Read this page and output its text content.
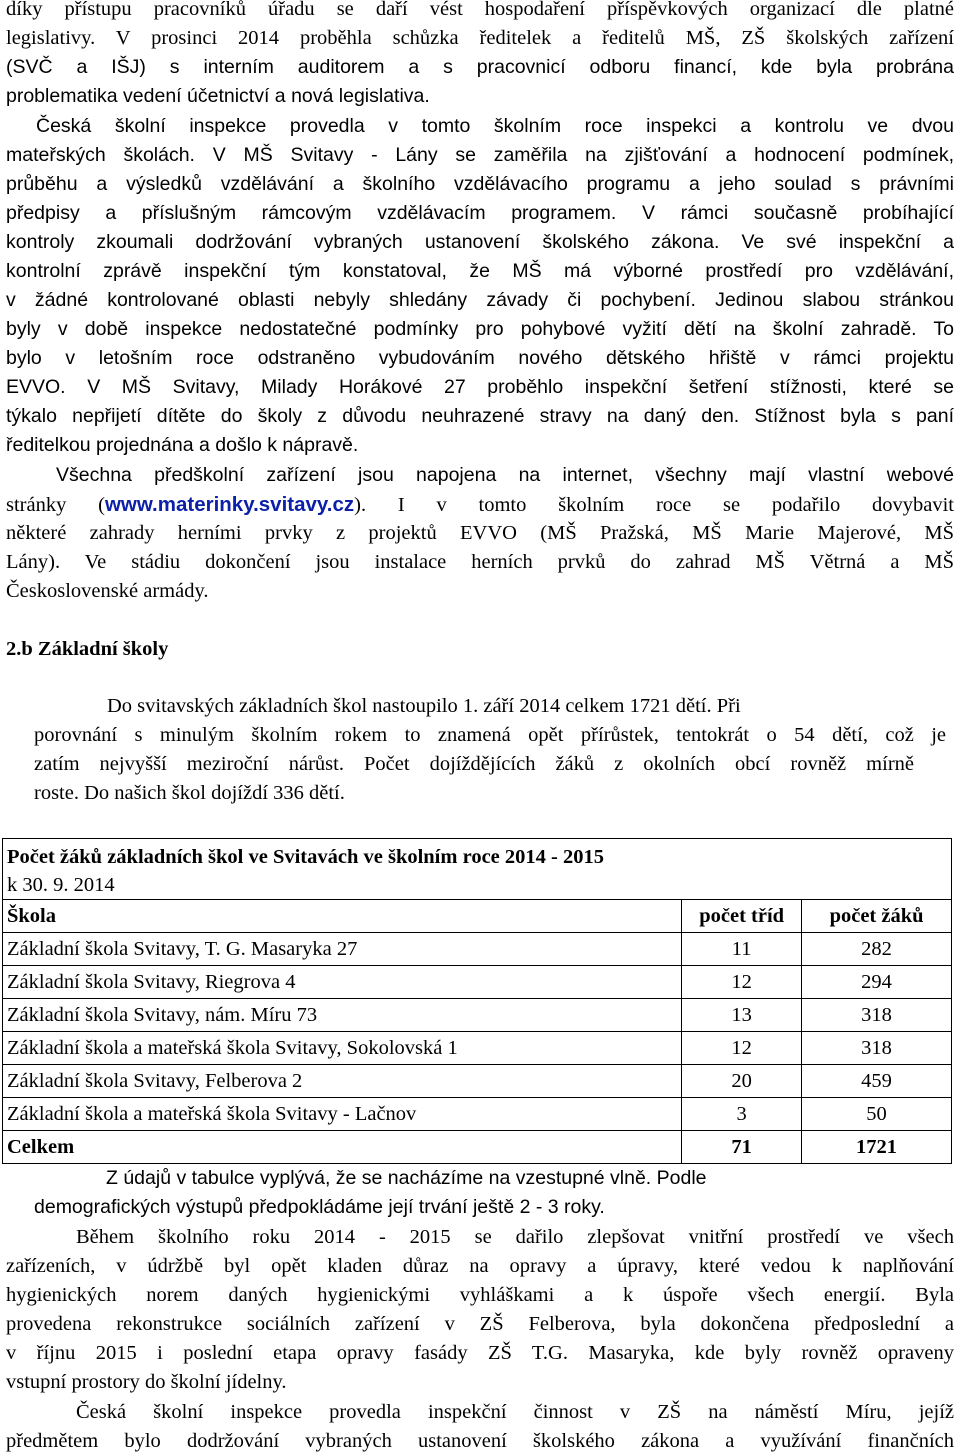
díky přístupu pracovníků úřadu se daří vést hospodaření příspěvkových organizací dle platné
legislativy. V prosinci 2014 proběhla schůzka ředitelek a ředitelů MŠ, ZŠ školských zařízení
(SVČ a IŠJ) s interním auditorem a s pracovnicí odboru financí, kde byla probrána
problematika vedení účetnictví a nová legislativa.
Česká školní inspekce provedla v tomto školním roce inspekci a kontrolu ve dvou
mateřských školách. V MŠ Svitavy - Lány se zaměřila na zjišťování a hodnocení podmínek,
průběhu a výsledků vzdělávání a školního vzdělávacího programu a jeho soulad s právními
předpisy a příslušným rámcovým vzdělávacím programem. V rámci současně probíhající
kontroly zkoumali dodržování vybraných ustanovení školského zákona. Ve své inspekční a
kontrolní zprávě inspekční tým konstatoval, že MŠ má výborné prostředí pro vzdělávání,
v žádné kontrolované oblasti nebyly shledány závady či pochybení. Jedinou slabou stránkou
byly v době inspekce nedostatečné podmínky pro pohybové vyžití dětí na školní zahradě. To
bylo v letošním roce odstraněno vybudováním nového dětského hřiště v rámci projektu
EVVO. V MŠ Svitavy, Milady Horákové 27 proběhlo inspekční šetření stížnosti, které se
týkalo nepřijetí dítěte do školy z důvodu neuhrazené stravy na daný den. Stížnost byla s paní
ředitelkou projednána a došlo k nápravě.
Všechna předškolní zařízení jsou napojena na internet, všechny mají vlastní webové
stránky (www.materinky.svitavy.cz). I v tomto školním roce se podařilo dovybavit
některé zahrady herními prvky z projektů EVVO (MŠ Pražská, MŠ Marie Majerové, MŠ
Lány). Ve stádiu dokončení jsou instalace herních prvků do zahrad MŠ Větrná a MŠ
Československé armády.
2.b Základní školy
Do svitavských základních škol nastoupilo 1. září 2014 celkem 1721 dětí. Při
porovnání s minulým školním rokem to znamená opět přírůstek, tentokrát o 54 dětí, což je
zatím nejvyšší meziroční nárůst. Počet dojíždějících žáků z okolních obcí rovněž mírně
roste. Do našich škol dojíždí 336 dětí.
Počet žáků základních škol ve Svitavách ve školním roce 2014 - 2015
k 30. 9. 2014		

Škola	počet tříd	počet žáků
Základní škola Svitavy, T. G. Masaryka 27	11	282
Základní škola Svitavy, Riegrova 4	12	294
Základní škola Svitavy, nám. Míru 73	13	318
Základní škola a mateřská škola Svitavy, Sokolovská 1	12	318
Základní škola Svitavy, Felberova 2	20	459
Základní škola a mateřská škola Svitavy - Lačnov	3	50
Celkem	71	1721
Z údajů v tabulce vyplývá, že se nacházíme na vzestupné vlně. Podle
demografických výstupů předpokládáme její trvání ještě 2 - 3 roky.
Během školního roku 2014 - 2015 se dařilo zlepšovat vnitřní prostředí ve všech
zařízeních, v údržbě byl opět kladen důraz na opravy a úpravy, které vedou k naplňování
hygienických norem daných hygienickými vyhláškami a k úspoře všech energií. Byla
provedena rekonstrukce sociálních zařízení v ZŠ Felberova, byla dokončena předposlední a
v říjnu 2015 i poslední etapa opravy fasády ZŠ T.G. Masaryka, kde byly rovněž opraveny
vstupní prostory do školní jídelny.
Česká školní inspekce provedla inspekční činnost v ZŠ na náměstí Míru, jejíž
předmětem bylo dodržování vybraných ustanovení školského zákona a využívání finančních
